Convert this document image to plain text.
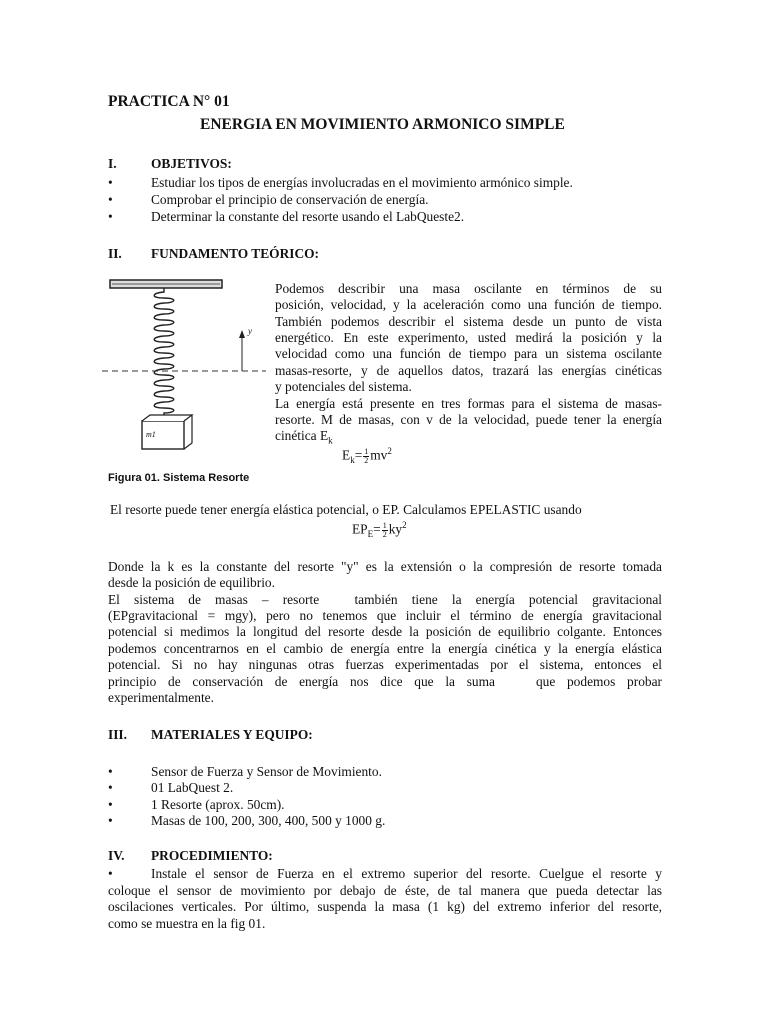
PRACTICA N° 01
ENERGIA EN MOVIMIENTO ARMONICO SIMPLE
I.	OBJETIVOS:
•	Estudiar los tipos de energías involucradas en el movimiento armónico simple.
•	Comprobar el principio de conservación de energía.
•	Determinar la constante del resorte usando el LabQueste2.
II. FUNDAMENTO TEÓRICO:
y
m1
Figura 01. Sistema Resorte
Podemos describir una masa oscilante en términos de su
posición, velocidad, y la aceleración como una función de tiempo.
También podemos describir el sistema desde un punto de vista
energético. En este experimento, usted medirá la posición y la
velocidad como una función de tiempo para un sistema oscilante
masas-resorte, y de aquellos datos, trazará las energías cinéticas
y potenciales del sistema.
La energía está presente en tres formas para el sistema de masas-
resorte. M de masas, con v de la velocidad, puede tener la energía
cinética $E_k$
$E_k= \frac{1}{2} mv^2$
El resorte puede tener energía elástica potencial, o EP. Calculamos EPELASTIC usando
$EP_E= \frac{1}{2} ky^2$
Donde la k es la constante del resorte "y" es la extensión o la compresión de resorte tomada
desde la posición de equilibrio.
El  sistema  de  masas  –  resorte     también  tiene  la  energía  potencial  gravitacional
(EPgravitacional = mgy), pero no tenemos que incluir el término de energía gravitacional
potencial si medimos la longitud del resorte desde la posición de equilibrio colgante. Entonces
podemos concentrarnos en el cambio de energía entre la energía cinética y la energía elástica
potencial. Si no hay ningunas otras fuerzas experimentadas por el sistema, entonces el
principio  de  conservación  de  energía  nos  dice  que  la  suma       que  podemos  probar
experimentalmente.
III. MATERIALES Y EQUIPO:
•	Sensor de Fuerza y Sensor de Movimiento.
•	01 LabQuest 2.
•	1 Resorte (aprox. 50cm).
•	Masas de 100, 200, 300, 400, 500 y 1000 g.
IV. PROCEDIMIENTO:
•	Instale el sensor de Fuerza en el extremo superior del resorte. Cuelgue el resorte y
coloque el sensor de movimiento por debajo de éste, de tal manera que pueda detectar las
oscilaciones verticales. Por último, suspenda la masa (1 kg) del extremo inferior del resorte,
como se muestra en la fig 01.
